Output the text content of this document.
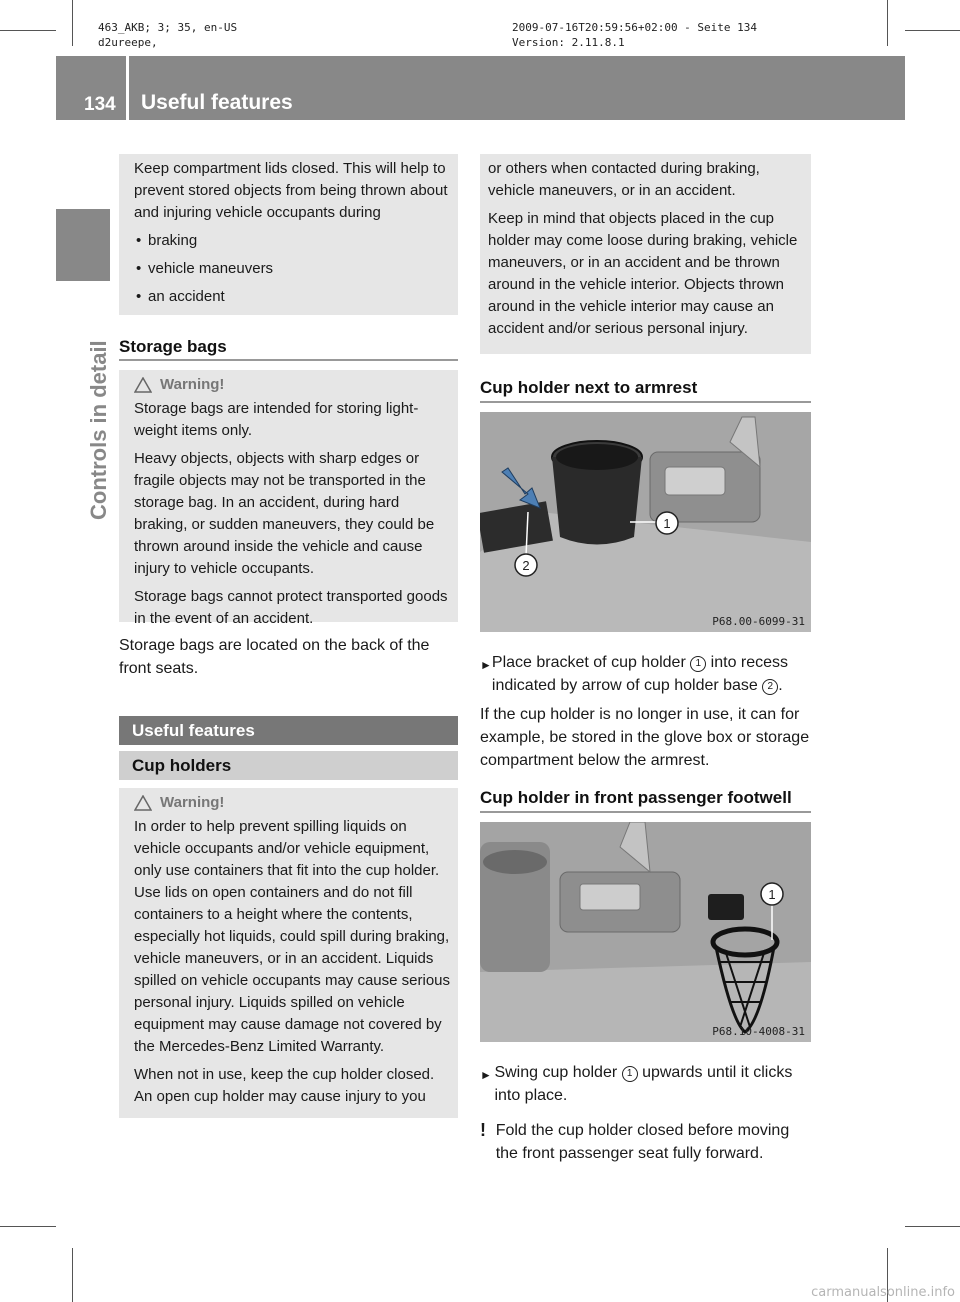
463_AKB; 3; 35, en-US
d2ureepe,
2009-07-16T20:59:56+02:00 - Seite 134
Version: 2.11.8.1
134 Useful features
Controls in detail

Keep compartment lids closed. This will help to prevent stored objects from being thrown about and injuring vehicle occupants during

• braking
• vehicle maneuvers
• an accident
Storage bags
Warning!

Storage bags are intended for storing light-weight items only.

Heavy objects, objects with sharp edges or fragile objects may not be transported in the storage bag. In an accident, during hard braking, or sudden maneuvers, they could be thrown around inside the vehicle and cause injury to vehicle occupants.

Storage bags cannot protect transported goods in the event of an accident.

Storage bags are located on the back of the front seats.
Useful features
Cup holders
Warning!

In order to help prevent spilling liquids on vehicle occupants and/or vehicle equipment, only use containers that fit into the cup holder. Use lids on open containers and do not fill containers to a height where the contents, especially hot liquids, could spill during braking, vehicle maneuvers, or in an accident. Liquids spilled on vehicle occupants may cause serious personal injury. Liquids spilled on vehicle equipment may cause damage not covered by the Mercedes-Benz Limited Warranty.

When not in use, keep the cup holder closed. An open cup holder may cause injury to you

or others when contacted during braking, vehicle maneuvers, or in an accident.

Keep in mind that objects placed in the cup holder may come loose during braking, vehicle maneuvers, or in an accident and be thrown around in the vehicle interior. Objects thrown around in the vehicle interior may cause an accident and/or serious personal injury.

Cup holder next to armrest
1
2
P68.00-6099-31
► Place bracket of cup holder 1 into recess indicated by arrow of cup holder base 2 .
If the cup holder is no longer in use, it can for example, be stored in the glove box or storage compartment below the armrest.
Cup holder in front passenger footwell
1
P68.10-4008-31
► Swing cup holder 1 upwards until it clicks into place.
! Fold the cup holder closed before moving the front passenger seat fully forward.
carmanualsonline.info
